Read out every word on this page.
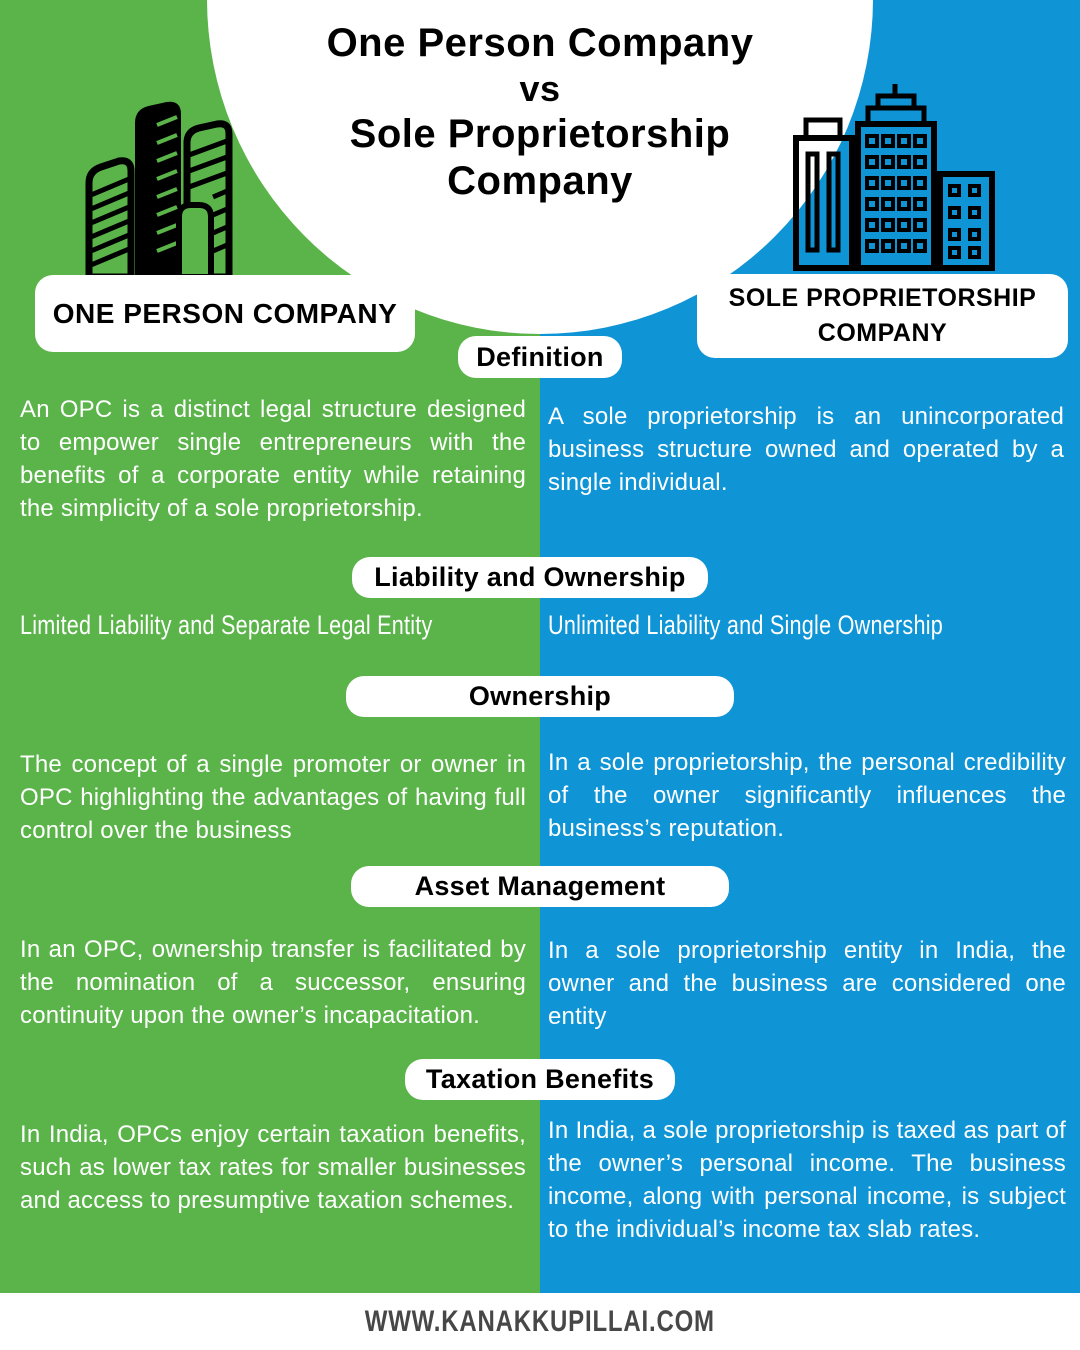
One Person Company
vs
Sole Proprietorship
Company
ONE PERSON COMPANY	SOLE PROPRIETORSHIP
COMPANY
Definition
An OPC is a distinct legal structure designed to empower single entrepreneurs with the benefits of a corporate entity while retaining the simplicity of a sole proprietorship.
A sole proprietorship is an unincorporated business structure owned and operated by a single individual.
Liability and Ownership
Limited Liability and Separate Legal Entity	Unlimited Liability and Single Ownership
Ownership
The concept of a single promoter or owner in OPC highlighting the advantages of having full control over the business
In a sole proprietorship, the personal credibility of the owner significantly influences the business’s reputation.
Asset Management
In an OPC, ownership transfer is facilitated by the nomination of a successor, ensuring continuity upon the owner’s incapacitation.
In a sole proprietorship entity in India, the owner and the business are considered one entity
Taxation Benefits
In India, OPCs enjoy certain taxation benefits, such as lower tax rates for smaller businesses and access to presumptive taxation schemes.
In India, a sole proprietorship is taxed as part of the owner’s personal income. The business income, along with personal income, is subject to the individual’s income tax slab rates.
WWW.KANAKKUPILLAI.COM
